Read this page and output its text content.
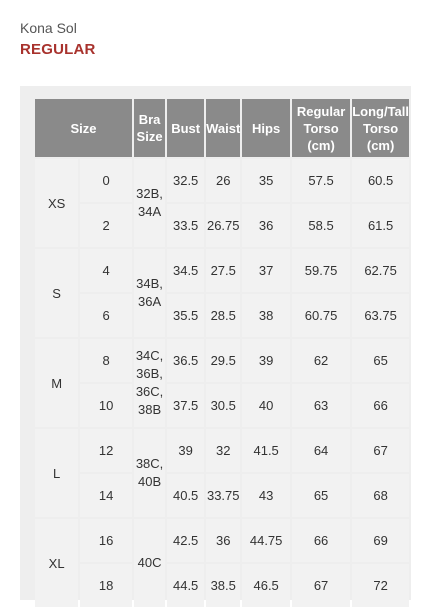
Kona Sol
REGULAR
Size		Bra Size	Bust	Waist	Hips	Regular Torso (cm)	Long/Tall Torso (cm)
XS	0	32B, 34A	32.5	26	35	57.5	60.5
	2		33.5	26.75	36	58.5	61.5
S	4	34B, 36A	34.5	27.5	37	59.75	62.75
	6		35.5	28.5	38	60.75	63.75
M	8	34C, 36B, 36C, 38B	36.5	29.5	39	62	65
	10		37.5	30.5	40	63	66
L	12	38C, 40B	39	32	41.5	64	67
	14		40.5	33.75	43	65	68
XL	16	40C	42.5	36	44.75	66	69
	18		44.5	38.5	46.5	67	72
